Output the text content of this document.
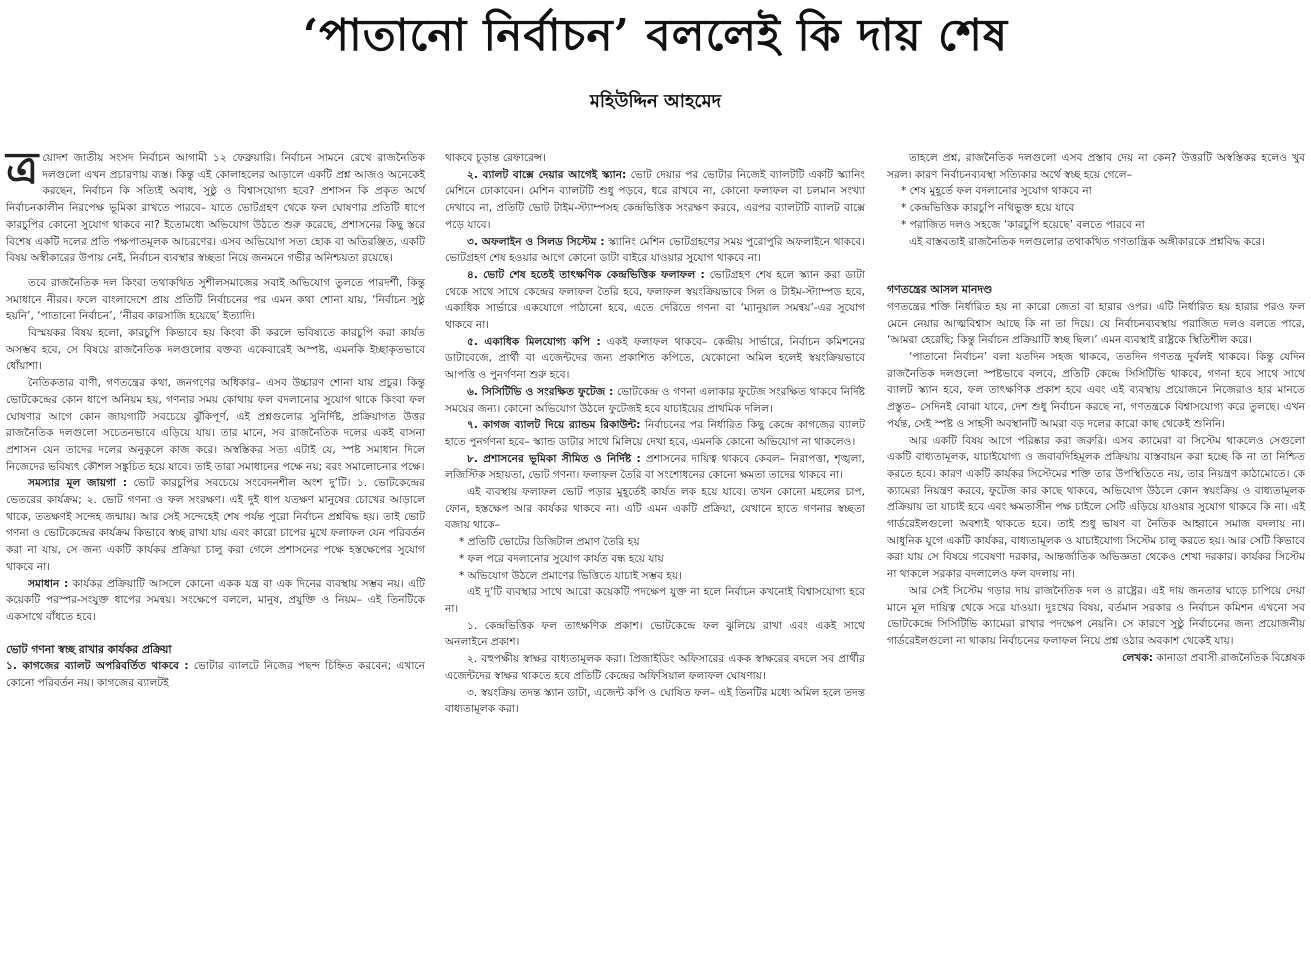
‘পাতানো নির্বাচন’ বললেই কি দায় শেষ
মহিউদ্দিন আহমেদ

ত্র য়োদশ জাতীয় সংসদ নির্বাচন আগামী ১২ ফেব্রুয়ারি। নির্বাচন সামনে রেখে রাজনৈতিক দলগুলো এখন প্রচারণায় ব্যস্ত। কিন্তু এই কোলাহলের আড়ালে একটি প্রশ্ন আজও অনেকেই করছেন, নির্বাচন কি সত্যিই অবাধ, সুষ্ঠু ও বিশ্বাসযোগ্য হবে? প্রশাসন কি প্রকৃত অর্থে নির্বাচনকালীন নিরপেক্ষ ভূমিকা রাখতে পারবে– যাতে ভোটগ্রহণ থেকে ফল ঘোষণার প্রতিটি ধাপে কারচুপির কোনো সুযোগ থাকবে না? ইতোমধ্যে অভিযোগ উঠতে শুরু করেছে, প্রশাসনের কিছু স্তরে বিশেষ একটি দলের প্রতি পক্ষপাতমূলক আচরণের। এসব অভিযোগ সত্য হোক বা অতিরঞ্জিত, একটি বিষয় অস্বীকারের উপায় নেই, নির্বাচন ব্যবস্থার স্বচ্ছতা নিয়ে জনমনে গভীর অনিশ্চয়তা রয়েছে।

তবে রাজনৈতিক দল কিংবা তথাকথিত সুশীলসমাজের সবাই অভিযোগ তুলতে পারদর্শী, কিন্তু সমাধানে নীরব। ফলে বাংলাদেশে প্রায় প্রতিটি নির্বাচনের পর এমন কথা শোনা যায়, ‘নির্বাচন সুষ্ঠু হয়নি’, ‘পাতানো নির্বাচন’, ‘নীরব কারসাজি হয়েছে’ ইত্যাদি।

বিস্ময়কর বিষয় হলো, কারচুপি কিভাবে হয় কিংবা কী করলে ভবিষ্যতে কারচুপি করা কার্যত অসম্ভব হবে, সে বিষয়ে রাজনৈতিক দলগুলোর বক্তব্য একেবারেই অস্পষ্ট, এমনকি ইচ্ছাকৃতভাবে ধোঁয়াশা।

নৈতিকতার বাণী, গণতন্ত্রের কথা, জনগণের অধিকার– এসব উচ্চারণ শোনা যায় প্রচুর। কিন্তু ভোটকেন্দ্রের কোন ধাপে অনিয়ম হয়, গণনার সময় কোথায় ফল বদলানোর সুযোগ থাকে কিংবা ফল ঘোষণার আগে কোন জায়গাটি সবচেয়ে ঝুঁকিপূর্ণ, এই প্রশ্নগুলোর সুনির্দিষ্ট, প্রক্রিয়াগত উত্তর রাজনৈতিক দলগুলো সচেতনভাবে এড়িয়ে যায়। তার মানে, সব রাজনৈতিক দলের একই বাসনা প্রশাসন যেন তাদের দলের অনুকূলে কাজ করে। অস্বস্তিকর সত্য এটাই যে, স্পষ্ট সমাধান দিলে নিজেদের ভবিষ্যৎ কৌশল সঙ্কুচিত হয়ে যাবে। তাই তারা সমাধানের পক্ষে নয়; বরং সমালোচনার পক্ষে।

সমস্যার মূল জায়গা : ভোট কারচুপির সবচেয়ে সংবেদনশীল অংশ দু’টি। ১. ভোটকেন্দ্রের ভেতরের কার্যক্রম; ২. ভোট গণনা ও ফল সংরক্ষণ। এই দুই ধাপ যতক্ষণ মানুষের চোখের আড়ালে থাকে, ততক্ষণই সন্দেহ জন্মায়। আর সেই সন্দেহেই শেষ পর্যন্ত পুরো নির্বাচন প্রশ্নবিদ্ধ হয়। তাই ভোট গণনা ও ভোটকেন্দ্রের কার্যক্রম কিভাবে স্বচ্ছ রাখা যায় এবং কারো চাপের মুখে ফলাফল যেন পরিবর্তন করা না যায়, সে জন্য একটি কার্যকর প্রক্রিয়া চালু করা গেলে প্রশাসনের পক্ষে হস্তক্ষেপের সুযোগ থাকবে না।

সমাধান : কার্যকর প্রক্রিয়াটি আসলে কোনো একক যন্ত্র বা এক দিনের ব্যবস্থায় সম্ভব নয়। এটি কয়েকটি পরস্পর-সংযুক্ত ধাপের সমন্বয়। সংক্ষেপে বললে, মানুষ, প্রযুক্তি ও নিয়ম– এই তিনটিকে একসাথে বাঁধতে হবে।

ভোট গণনা স্বচ্ছ রাখার কার্যকর প্রক্রিয়া

১. কাগজের ব্যালট অপরিবর্তিত থাকবে : ভোটার ব্যালটে নিজের পছন্দ চিহ্নিত করবেন; এখানে কোনো পরিবর্তন নয়। কাগজের ব্যালটই

থাকবে চূড়ান্ত রেফারেন্স।

২. ব্যালট বাক্সে দেয়ার আগেই স্ক্যান: ভোট দেয়ার পর ভোটার নিজেই ব্যালটটি একটি স্ক্যানিং মেশিনে ঢোকাবেন। মেশিন ব্যালটটি শুধু পড়বে, ধরে রাখবে না, কোনো ফলাফল বা চলমান সংখ্যা দেখাবে না, প্রতিটি ভোট টাইম-স্ট্যাম্পসহ কেন্দ্রভিত্তিক সংরক্ষণ করবে, এরপর ব্যালটটি ব্যালট বাক্সে পড়ে যাবে।

৩. অফলাইন ও সিলড সিস্টেম : স্ক্যানিং মেশিন ভোটগ্রহণের সময় পুরোপুরি অফলাইনে থাকবে। ভোটগ্রহণ শেষ হওয়ার আগে কোনো ডাটা বাইরে যাওয়ার সুযোগ থাকবে না।

৪. ভোট শেষ হতেই তাৎক্ষণিক কেন্দ্রভিত্তিক ফলাফল : ভোটগ্রহণ শেষ হলে স্ক্যান করা ডাটা থেকে সাথে সাথে কেন্দ্রের ফলাফল তৈরি হবে, ফলাফল স্বয়ংক্রিয়ভাবে সিল ও টাইম-স্ট্যাম্পড হবে, একাধিক সার্ভারে একযোগে পাঠানো হবে, এতে দেরিতে গণনা বা ‘ম্যানুয়াল সমন্বয়’-এর সুযোগ থাকবে না।

৫. একাধিক মিলযোগ্য কপি : একই ফলাফল থাকবে– কেন্দ্রীয় সার্ভারে, নির্বাচন কমিশনের ডাটাবেজে, প্রার্থী বা এজেন্টদের জন্য প্রকাশিত কপিতে, যেকোনো অমিল হলেই স্বয়ংক্রিয়ভাবে আপত্তি ও পুনর্গণনা শুরু হবে।

৬. সিসিটিভি ও সংরক্ষিত ফুটেজ : ভোটকেন্দ্র ও গণনা এলাকার ফুটেজ সংরক্ষিত থাকবে নির্দিষ্ট সময়ের জন্য। কোনো অভিযোগ উঠলে ফুটেজই হবে যাচাইয়ের প্রাথমিক দলিল।

৭. কাগজ ব্যালট দিয়ে র‍্যান্ডম রিকাউন্ট: নির্বাচনের পর নির্ধারিত কিছু কেন্দ্রে কাগজের ব্যালট হাতে পুনর্গণনা হবে– স্ক্যান্ড ডাটার সাথে মিলিয়ে দেখা হবে, এমনকি কোনো অভিযোগ না থাকলেও।

৮. প্রশাসনের ভূমিকা সীমিত ও নির্দিষ্ট : প্রশাসনের দায়িত্ব থাকবে কেবল– নিরাপত্তা, শৃঙ্খলা, লজিস্টিক সহায়তা, ভোট গণনা। ফলাফল তৈরি বা সংশোধনের কোনো ক্ষমতা তাদের থাকবে না।

এই ব্যবস্থায় ফলাফল ভোট পড়ার মুহূর্তেই কার্যত লক হয়ে যাবে। তখন কোনো মহলের চাপ, ফোন, হস্তক্ষেপ আর কার্যকর থাকবে না। এটি এমন একটি প্রক্রিয়া, যেখানে হাতে গণনার স্বচ্ছতা বজায় থাকে–

* প্রতিটি ভোটের ডিজিটাল প্রমাণ তৈরি হয়
* ফল পরে বদলানোর সুযোগ কার্যত বন্ধ হয়ে যায়
* অভিযোগ উঠলে প্রমাণের ভিত্তিতে যাচাই সম্ভব হয়।

এই দু’টি ব্যবস্থার সাথে আরো কয়েকটি পদক্ষেপ যুক্ত না হলে নির্বাচন কখনোই বিশ্বাসযোগ্য হবে না।

১. কেন্দ্রভিত্তিক ফল তাৎক্ষণিক প্রকাশ। ভোটকেন্দ্রে ফল ঝুলিয়ে রাখা এবং একই সাথে অনলাইনে প্রকাশ।

২. বহুপক্ষীয় স্বাক্ষর বাধ্যতামূলক করা। প্রিজাইডিং অফিসারের একক স্বাক্ষরের বদলে সব প্রার্থীর এজেন্টদের স্বাক্ষর থাকতে হবে প্রতিটি কেন্দ্রের অফিসিয়াল ফলাফল ঘোষণায়।

৩. স্বয়ংক্রিয় তদন্ত স্ক্যান ডাটা, এজেন্ট কপি ও ঘোষিত ফল– এই তিনটির মধ্যে অমিল হলে তদন্ত বাধ্যতামূলক করা।

তাহলে প্রশ্ন, রাজনৈতিক দলগুলো এসব প্রস্তাব দেয় না কেন? উত্তরটি অস্বস্তিকর হলেও খুব সরল। কারণ নির্বাচনব্যবস্থা সত্যিকার অর্থে স্বচ্ছ হয়ে গেলে–

* শেষ মুহূর্তে ফল বদলানোর সুযোগ থাকবে না
* কেন্দ্রভিত্তিক কারচুপি নথিভুক্ত হয়ে যাবে
* পরাজিত দলও সহজে ‘কারচুপি হয়েছে’ বলতে পারবে না

এই বাস্তবতাই রাজনৈতিক দলগুলোর তথাকথিত গণতান্ত্রিক অঙ্গীকারকে প্রশ্নবিদ্ধ করে।

গণতন্ত্রের আসল মানদণ্ড

গণতন্ত্রের শক্তি নির্ধারিত হয় না কারো জেতা বা হারার ওপর। এটি নির্ধারিত হয় হারার পরও ফল মেনে নেয়ার আত্মবিশ্বাস আছে কি না তা দিয়ে। যে নির্বাচনব্যবস্থায় পরাজিত দলও বলতে পারে, ‘আমরা হেরেছি; কিন্তু নির্বাচন প্রক্রিয়াটি স্বচ্ছ ছিল।’ এমন ব্যবস্থাই রাষ্ট্রকে স্থিতিশীল করে।

‘পাতানো নির্বাচন’ বলা যতদিন সহজ থাকবে, ততদিন গণতন্ত্র দুর্বলই থাকবে। কিন্তু যেদিন রাজনৈতিক দলগুলো স্পষ্টভাবে বলবে, প্রতিটি কেন্দ্রে সিসিটিভি থাকবে, গণনা হবে সাথে সাথে ব্যালট স্ক্যান হবে, ফল তাৎক্ষণিক প্রকাশ হবে এবং এই ব্যবস্থায় প্রয়োজনে নিজেরাও হার মানতে প্রস্তুত– সেদিনই বোঝা যাবে, দেশ শুধু নির্বাচন করছে না, গণতন্ত্রকে বিশ্বাসযোগ্য করে তুলছে। এখন পর্যন্ত, সেই স্পষ্ট ও সাহসী অবস্থানটি আমরা বড় দলের কারো কাছ থেকেই শুনিনি।

আর একটি বিষয় আগে পরিষ্কার করা জরুরি। এসব ক্যামেরা বা সিস্টেম থাকলেও সেগুলো একটি বাধ্যতামূলক, যাচাইযোগ্য ও জবাবদিহিমূলক প্রক্রিয়ায় বাস্তবায়ন করা হচ্ছে কি না তা নিশ্চিত করতে হবে। কারণ একটি কার্যকর সিস্টেমের শক্তি তার উপস্থিতিতে নয়, তার নিয়ন্ত্রণ কাঠামোতে। কে ক্যামেরা নিয়ন্ত্রণ করবে, ফুটেজ কার কাছে থাকবে, অভিযোগ উঠলে কোন স্বয়ংক্রিয় ও বাধ্যতামূলক প্রক্রিয়ায় তা যাচাই হবে এবং ক্ষমতাসীন পক্ষ চাইলে সেটি এড়িয়ে যাওয়ার সুযোগ থাকবে কি না। এই গার্ডরেইলগুলো অবশ্যই থাকতে হবে। তাই শুধু ভাষণ বা নৈতিক আহ্বানে সমাজ বদলায় না। আধুনিক যুগে একটি কার্যকর, বাধ্যতামূলক ও যাচাইযোগ্য সিস্টেম চালু করতে হয়। আর সেটি কিভাবে করা যায় সে বিষয়ে গবেষণা দরকার, আন্তর্জাতিক অভিজ্ঞতা থেকেও শেখা দরকার। কার্যকর সিস্টেম না থাকলে সরকার বদলালেও ফল বদলায় না।

আর সেই সিস্টেম গড়ার দায় রাজনৈতিক দল ও রাষ্ট্রের। এই দায় জনতার ঘাড়ে চাপিয়ে দেয়া মানে মূল দায়িত্ব থেকে সরে যাওয়া। দুঃখের বিষয়, বর্তমান সরকার ও নির্বাচন কমিশন এখনো সব ভোটকেন্দ্রে সিসিটিভি ক্যামেরা রাখার পদক্ষেপ নেয়নি। সে কারণে সুষ্ঠু নির্বাচনের জন্য প্রয়োজনীয় গার্ডরেইলগুলো না থাকায় নির্বাচনের ফলাফল নিয়ে প্রশ্ন ওঠার অবকাশ থেকেই যায়।

লেখক: কানাডা প্রবাসী রাজনৈতিক বিশ্লেষক
